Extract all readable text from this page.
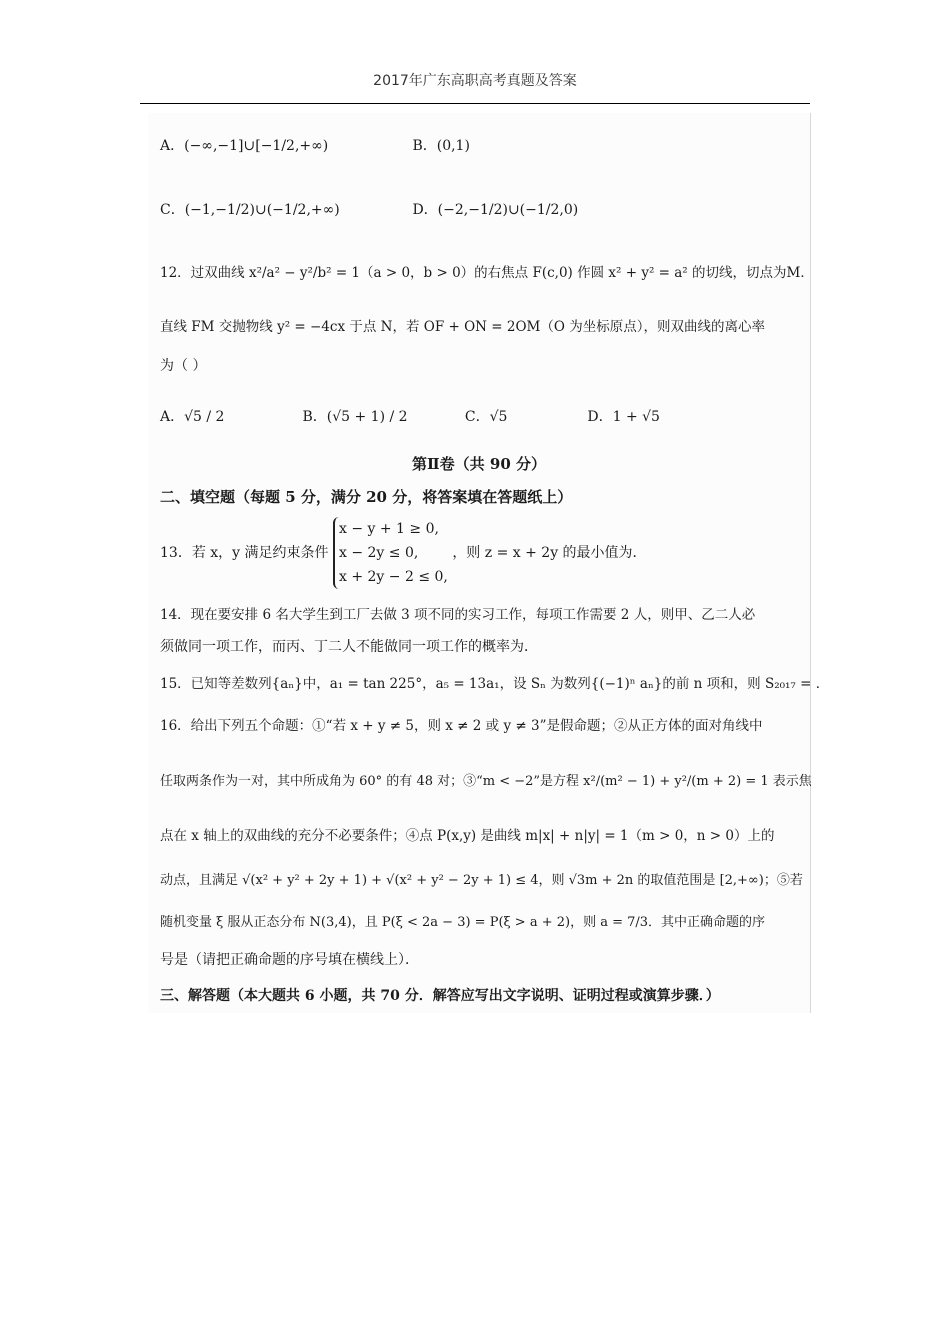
2017年广东高职高考真题及答案
A．(−∞,−1]∪[−1/2,+∞)	B．(0,1)
C．(−1,−1/2)∪(−1/2,+∞)	D．(−2,−1/2)∪(−1/2,0)
12．过双曲线 x²/a² − y²/b² = 1（a > 0，b > 0）的右焦点 F(c,0) 作圆 x² + y² = a² 的切线，切点为M．
直线 FM 交抛物线 y² = −4cx 于点 N，若 OF + ON = 2OM（O 为坐标原点），则双曲线的离心率
为（ ）
A．√5 / 2	B．(√5 + 1) / 2	C．√5	D．1 + √5
第Ⅱ卷（共 90 分）
二、填空题（每题 5 分，满分 20 分，将答案填在答题纸上）
13．若 x，y 满足约束条件
x − y + 1 ≥ 0,
x − 2y ≤ 0,
x + 2y − 2 ≤ 0,
，则 z = x + 2y 的最小值为．
14．现在要安排 6 名大学生到工厂去做 3 项不同的实习工作，每项工作需要 2 人，则甲、乙二人必
须做同一项工作，而丙、丁二人不能做同一项工作的概率为．
15．已知等差数列{aₙ}中，a₁ = tan 225°，a₅ = 13a₁，设 Sₙ 为数列{(−1)ⁿ aₙ}的前 n 项和，则 S₂₀₁₇ = ．
16．给出下列五个命题：①“若 x + y ≠ 5，则 x ≠ 2 或 y ≠ 3”是假命题；②从正方体的面对角线中
任取两条作为一对，其中所成角为 60° 的有 48 对；③“m < −2”是方程 x²/(m² − 1) + y²/(m + 2) = 1 表示焦
点在 x 轴上的双曲线的充分不必要条件；④点 P(x,y) 是曲线 m|x| + n|y| = 1（m > 0，n > 0）上的
动点，且满足 √(x² + y² + 2y + 1) + √(x² + y² − 2y + 1) ≤ 4，则 √3m + 2n 的取值范围是 [2,+∞)；⑤若
随机变量 ξ 服从正态分布 N(3,4)，且 P(ξ < 2a − 3) = P(ξ > a + 2)，则 a = 7/3．其中正确命题的序
号是（请把正确命题的序号填在横线上）．
三、解答题（本大题共 6 小题，共 70 分．解答应写出文字说明、证明过程或演算步骤．）
